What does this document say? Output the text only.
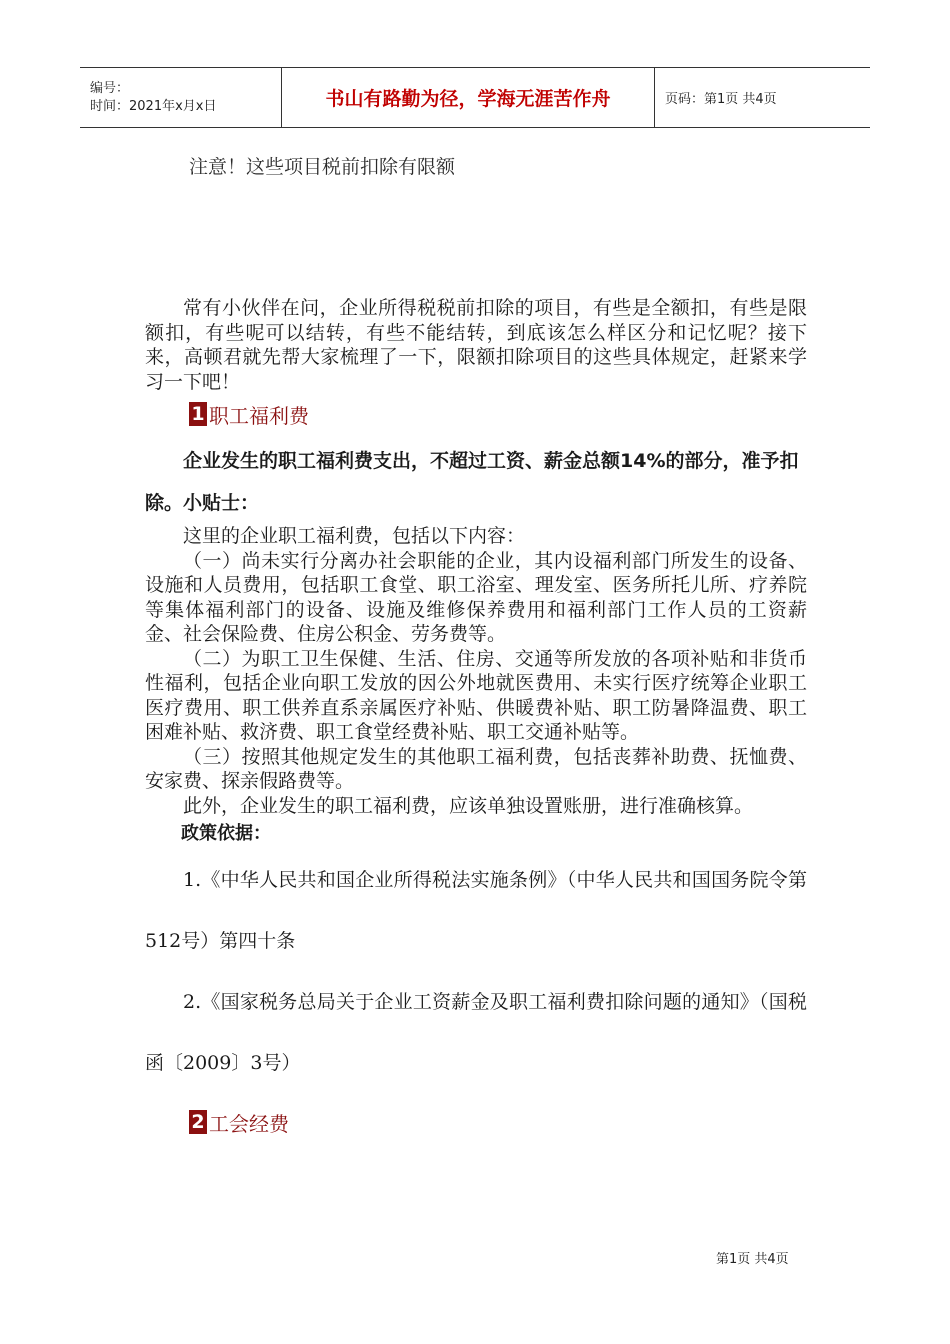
编号：
时间：2021年x月x日	书山有路勤为径，学海无涯苦作舟	页码：第1页 共4页

注意！这些项目税前扣除有限额

常有小伙伴在问，企业所得税税前扣除的项目，有些是全额扣，有些是限额扣，有些呢可以结转，有些不能结转，到底该怎么样区分和记忆呢？接下来，高顿君就先帮大家梳理了一下，限额扣除项目的这些具体规定，赶紧来学习一下吧！

1 职工福利费

企业发生的职工福利费支出，不超过工资、薪金总额14%的部分，准予扣除。小贴士：

这里的企业职工福利费，包括以下内容：

（一）尚未实行分离办社会职能的企业，其内设福利部门所发生的设备、设施和人员费用，包括职工食堂、职工浴室、理发室、医务所托儿所、疗养院等集体福利部门的设备、设施及维修保养费用和福利部门工作人员的工资薪金、社会保险费、住房公积金、劳务费等。

（二）为职工卫生保健、生活、住房、交通等所发放的各项补贴和非货币性福利，包括企业向职工发放的因公外地就医费用、未实行医疗统筹企业职工医疗费用、职工供养直系亲属医疗补贴、供暖费补贴、职工防暑降温费、职工困难补贴、救济费、职工食堂经费补贴、职工交通补贴等。

（三）按照其他规定发生的其他职工福利费，包括丧葬补助费、抚恤费、安家费、探亲假路费等。

此外，企业发生的职工福利费，应该单独设置账册，进行准确核算。

政策依据：

1.《中华人民共和国企业所得税法实施条例》（中华人民共和国国务院令第512号）第四十条

2.《国家税务总局关于企业工资薪金及职工福利费扣除问题的通知》（国税函〔2009〕3号）

2 工会经费
第1页 共4页
